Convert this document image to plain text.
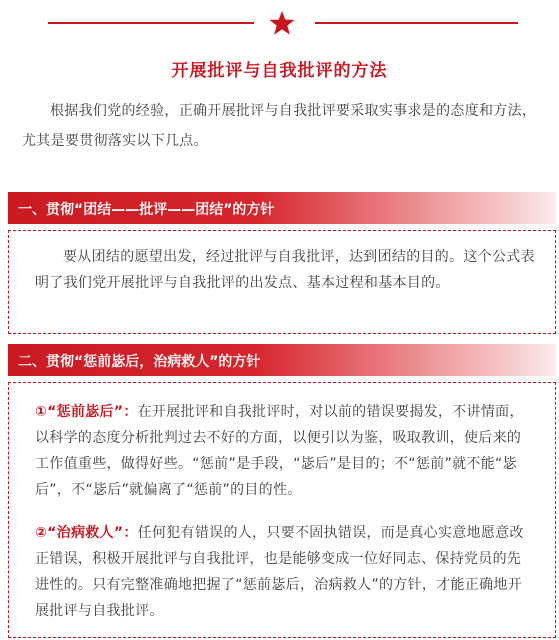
开展批评与自我批评的方法

根据我们党的经验，正确开展批评与自我批评要采取实事求是的态度和方法，尤其是要贯彻落实以下几点。

一、贯彻“团结——批评——团结”的方针

要从团结的愿望出发，经过批评与自我批评，达到团结的目的。这个公式表明了我们党开展批评与自我批评的出发点、基本过程和基本目的。

二、贯彻“惩前毖后，治病救人”的方针

①“惩前毖后”：在开展批评和自我批评时，对以前的错误要揭发，不讲情面，以科学的态度分析批判过去不好的方面，以便引以为鉴，吸取教训，使后来的工作值重些，做得好些。“惩前”是手段，“毖后”是目的；不“惩前”就不能“毖后”，不“毖后”就偏离了“惩前”的目的性。

②“治病救人”：任何犯有错误的人，只要不固执错误，而是真心实意地愿意改正错误，积极开展批评与自我批评，也是能够变成一位好同志、保持党员的先进性的。只有完整准确地把握了“惩前毖后，治病救人”的方针，才能正确地开展批评与自我批评。
